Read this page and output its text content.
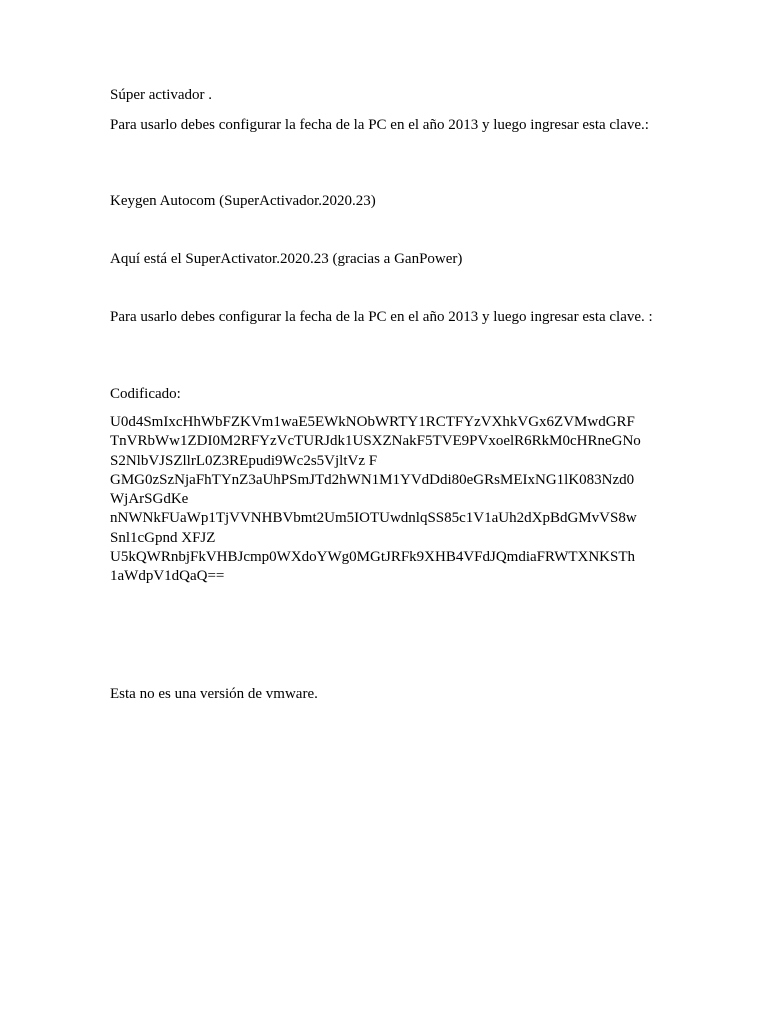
Súper activador .

Para usarlo debes configurar la fecha de la PC en el año 2013 y luego ingresar esta clave.:

Keygen Autocom (SuperActivador.2020.23)

Aquí está el SuperActivator.2020.23 (gracias a GanPower)

Para usarlo debes configurar la fecha de la PC en el año 2013 y luego ingresar esta clave. :

Codificado:

U0d4SmIxcHhWbFZKVm1waE5EWkNObWRTY1RCTFYzVXhkVGx6ZVMwdGRF
TnVRbWw1ZDI0M2RFYzVcTURJdk1USXZNakF5TVE9PVxoelR6RkM0cHRneGNo
S2NlbVJSZllrL0Z3REpudi9Wc2s5VjltVz F
GMG0zSzNjaFhTYnZ3aUhPSmJTd2hWN1M1YVdDdi80eGRsMEIxNG1lK083Nzd0
WjArSGdKe
nNWNkFUaWp1TjVVNHBVbmt2Um5IOTUwdnlqSS85c1V1aUh2dXpBdGMvVS8w
Snl1cGpnd XFJZ
U5kQWRnbjFkVHBJcmp0WXdoYWg0MGtJRFk9XHB4VFdJQmdiaFRWTXNKSTh
1aWdpV1dQaQ==

Esta no es una versión de vmware.
